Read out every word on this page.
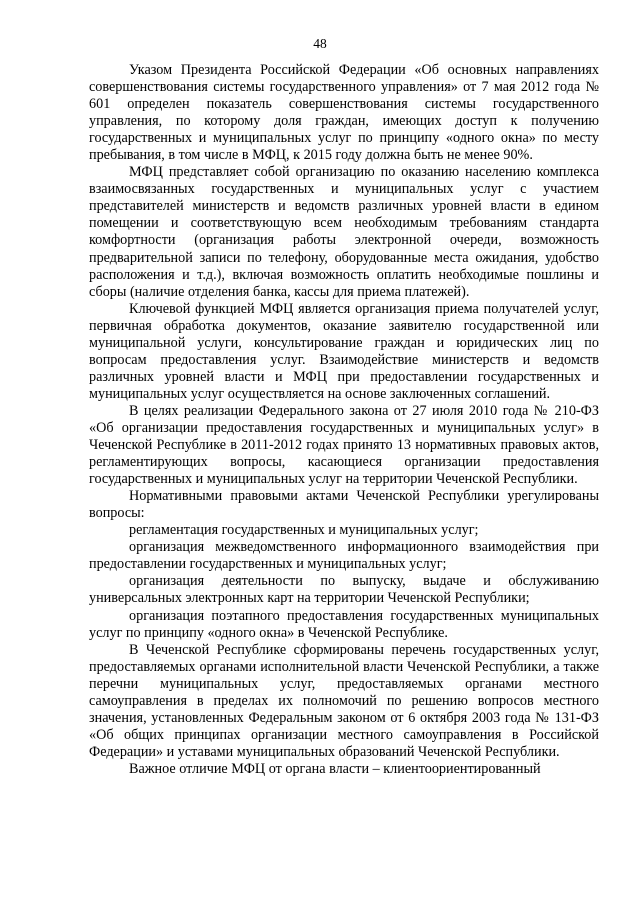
48

Указом Президента Российской Федерации «Об основных направлениях совершенствования системы государственного управления» от 7 мая 2012 года № 601 определен показатель совершенствования системы государственного управления, по которому доля граждан, имеющих доступ к получению государственных и муниципальных услуг по принципу «одного окна» по месту пребывания, в том числе в МФЦ, к 2015 году должна быть не менее 90%.

МФЦ представляет собой организацию по оказанию населению комплекса взаимосвязанных государственных и муниципальных услуг с участием представителей министерств и ведомств различных уровней власти в едином помещении и соответствующую всем необходимым требованиям стандарта комфортности (организация работы электронной очереди, возможность предварительной записи по телефону, оборудованные места ожидания, удобство расположения и т.д.), включая возможность оплатить необходимые пошлины и сборы (наличие отделения банка, кассы для приема платежей).

Ключевой функцией МФЦ является организация приема получателей услуг, первичная обработка документов, оказание заявителю государственной или муниципальной услуги, консультирование граждан и юридических лиц по вопросам предоставления услуг. Взаимодействие министерств и ведомств различных уровней власти и МФЦ при предоставлении государственных и муниципальных услуг осуществляется на основе заключенных соглашений.

В целях реализации Федерального закона от 27 июля 2010 года № 210-ФЗ «Об организации предоставления государственных и муниципальных услуг» в Чеченской Республике в 2011-2012 годах принято 13 нормативных правовых актов, регламентирующих вопросы, касающиеся организации предоставления государственных и муниципальных услуг на территории Чеченской Республики.

Нормативными правовыми актами Чеченской Республики урегулированы вопросы:

регламентация государственных и муниципальных услуг;

организация межведомственного информационного взаимодействия при предоставлении государственных и муниципальных услуг;

организация деятельности по выпуску, выдаче и обслуживанию универсальных электронных карт на территории Чеченской Республики;

организация поэтапного предоставления государственных муниципальных услуг по принципу «одного окна» в Чеченской Республике.

В Чеченской Республике сформированы перечень государственных услуг, предоставляемых органами исполнительной власти Чеченской Республики, а также перечни муниципальных услуг, предоставляемых органами местного самоуправления в пределах их полномочий по решению вопросов местного значения, установленных Федеральным законом от 6 октября 2003 года № 131-ФЗ «Об общих принципах организации местного самоуправления в Российской Федерации» и уставами муниципальных образований Чеченской Республики.

Важное отличие МФЦ от органа власти – клиентоориентированный
